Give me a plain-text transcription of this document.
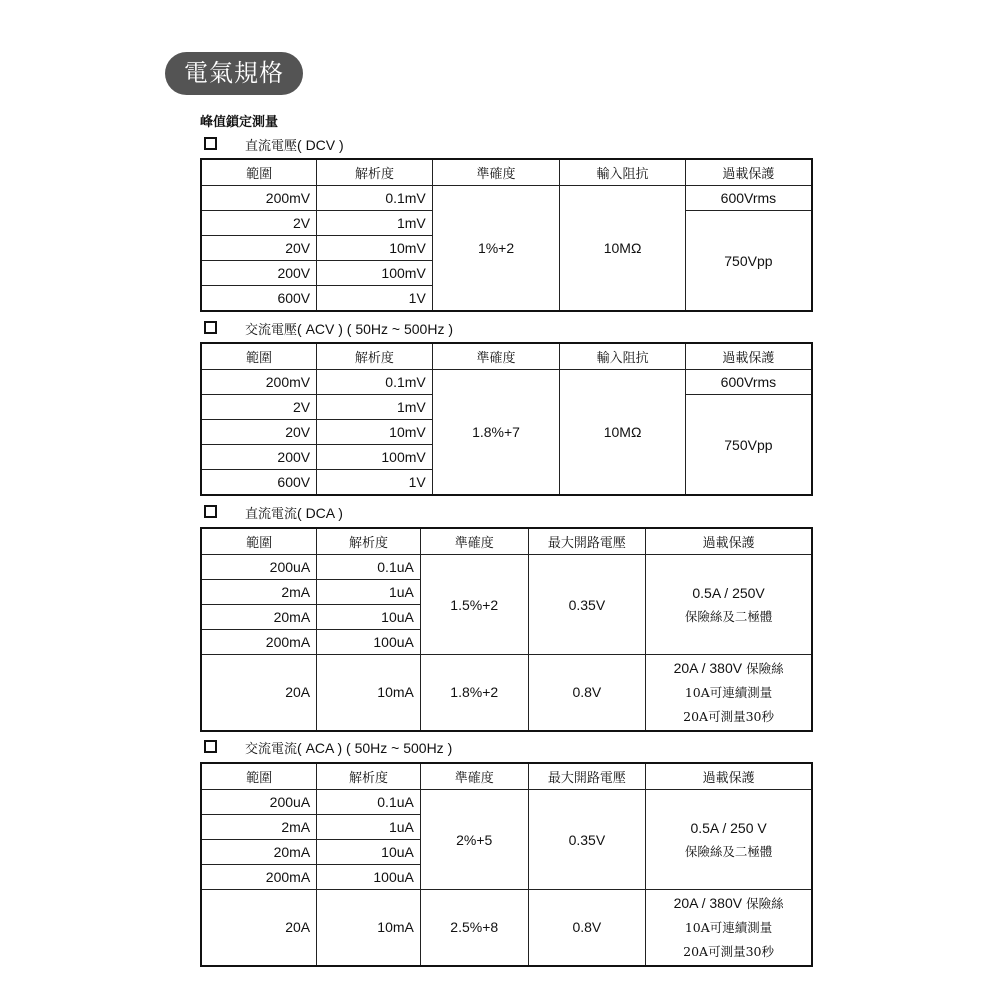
電氣規格
峰值鎖定測量
直流電壓( DCV )
範圍	解析度	準確度	輸入阻抗	過載保護
200mV	0.1mV	1%+2	10MΩ	600Vrms
2V	1mV			750Vpp
20V	10mV			
200V	100mV			
600V	1V			
交流電壓( ACV ) ( 50Hz ~ 500Hz )
範圍	解析度	準確度	輸入阻抗	過載保護
200mV	0.1mV	1.8%+7	10MΩ	600Vrms
2V	1mV			750Vpp
20V	10mV			
200V	100mV			
600V	1V			
直流電流( DCA )
範圍	解析度	準確度	最大開路電壓	過載保護
200uA	0.1uA	1.5%+2	0.35V	0.5A / 250V
保險絲及二極體

2mA	1uA			
20mA	10uA			
200mA	100uA			
20A	10mA	1.8%+2	0.8V	20A / 380V 保險絲
10A可連續測量
20A可測量30秒
交流電流( ACA ) ( 50Hz ~ 500Hz )
範圍	解析度	準確度	最大開路電壓	過載保護
200uA	0.1uA	2%+5	0.35V	0.5A / 250 V
保險絲及二極體

2mA	1uA			
20mA	10uA			
200mA	100uA			
20A	10mA	2.5%+8	0.8V	20A / 380V 保險絲
10A可連續測量
20A可測量30秒
